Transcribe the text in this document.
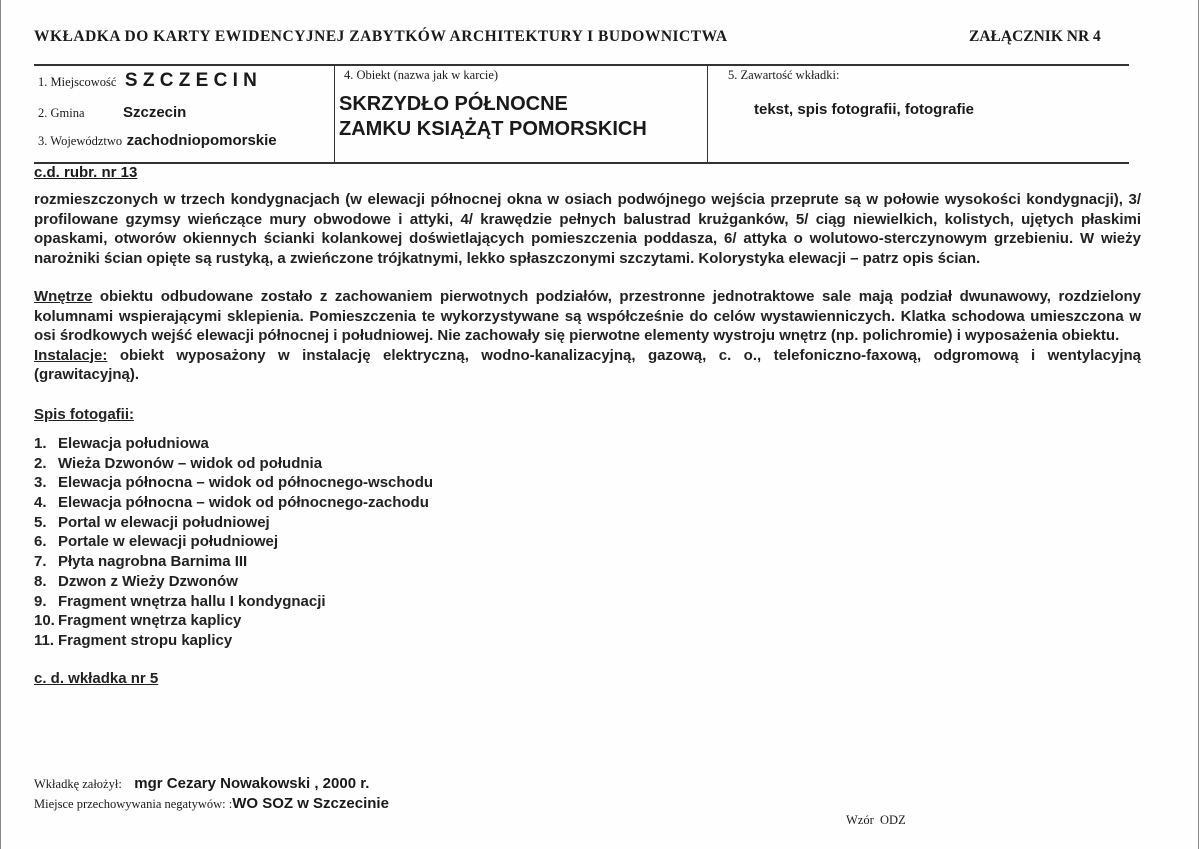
WKŁADKA DO KARTY EWIDENCYJNEJ ZABYTKÓW ARCHITEKTURY I BUDOWNICTWA	ZAŁĄCZNIK NR 4
1. Miejscowość S Z C Z E C I N
2. Gmina	Szczecin
3. Województwo zachodniopomorskie
4. Obiekt (nazwa jak w karcie)
SKRZYDŁO PÓŁNOCNE
ZAMKU KSIĄŻĄT POMORSKICH
5. Zawartość wkładki:
tekst, spis fotografii, fotografie
c.d. rubr. nr 13

rozmieszczonych w trzech kondygnacjach (w elewacji północnej okna w osiach podwójnego wejścia przeprute są w połowie wysokości kondygnacji), 3/ profilowane gzymsy wieńczące mury obwodowe i attyki, 4/ krawędzie pełnych balustrad krużganków, 5/ ciąg niewielkich, kolistych, ujętych płaskimi opaskami, otworów okiennych ścianki kolankowej doświetlających pomieszczenia poddasza, 6/ attyka o wolutowo-sterczynowym grzebieniu. W wieży narożniki ścian opięte są rustyką, a zwieńczone trójkatnymi, lekko spłaszczonymi szczytami. Kolorystyka elewacji – patrz opis ścian.

Wnętrze obiektu odbudowane zostało z zachowaniem pierwotnych podziałów, przestronne jednotraktowe sale mają podział dwunawowy, rozdzielony kolumnami wspierającymi sklepienia. Pomieszczenia te wykorzystywane są współcześnie do celów wystawienniczych. Klatka schodowa umieszczona w osi środkowych wejść elewacji północnej i południowej. Nie zachowały się pierwotne elementy wystroju wnętrz (np. polichromie) i wyposażenia obiektu.

Instalacje: obiekt wyposażony w instalację elektryczną, wodno-kanalizacyjną, gazową, c. o., telefoniczno-faxową, odgromową i wentylacyjną (grawitacyjną).

Spis fotogafii:

1. Elewacja południowa
2. Wieża Dzwonów – widok od południa
3. Elewacja północna – widok od północnego-wschodu
4. Elewacja północna – widok od północnego-zachodu
5. Portal w elewacji południowej
6. Portale w elewacji południowej
7. Płyta nagrobna Barnima III
8. Dzwon z Wieży Dzwonów
9. Fragment wnętrza hallu I kondygnacji
10. Fragment wnętrza kaplicy
11. Fragment stropu kaplicy

c. d. wkładka nr 5

Wkładkę założył: mgr Cezary Nowakowski , 2000 r.
Miejsce przechowywania negatywów: :WO SOZ w Szczecinie
Wzór  ODZ
